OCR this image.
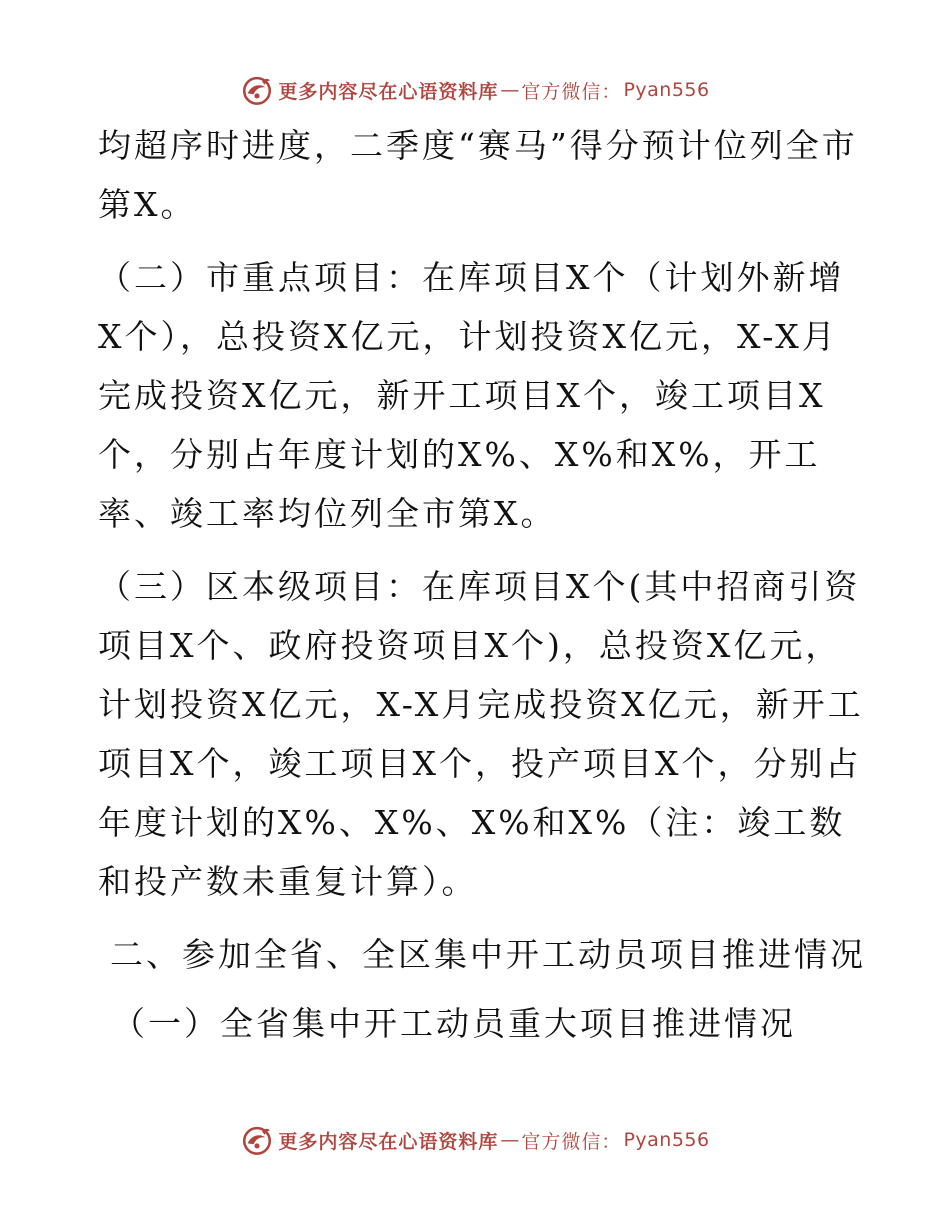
更多内容尽在心语资料库 — 官方微信： Pyan556

均超序时进度，二季度“赛马”得分预计位列全市第X。

（二）市重点项目：在库项目X个（计划外新增X个），总投资X亿元，计划投资X亿元，X-X月完成投资X亿元，新开工项目X个，竣工项目X个，分别占年度计划的X%、X%和X%，开工率、竣工率均位列全市第X。

（三）区本级项目：在库项目X个(其中招商引资项目X个、政府投资项目X个)，总投资X亿元，计划投资X亿元，X-X月完成投资X亿元，新开工项目X个，竣工项目X个，投产项目X个，分别占年度计划的X%、X%、X%和X%（注：竣工数和投产数未重复计算）。

二、参加全省、全区集中开工动员项目推进情况

（一）全省集中开工动员重大项目推进情况

更多内容尽在心语资料库 — 官方微信： Pyan556
